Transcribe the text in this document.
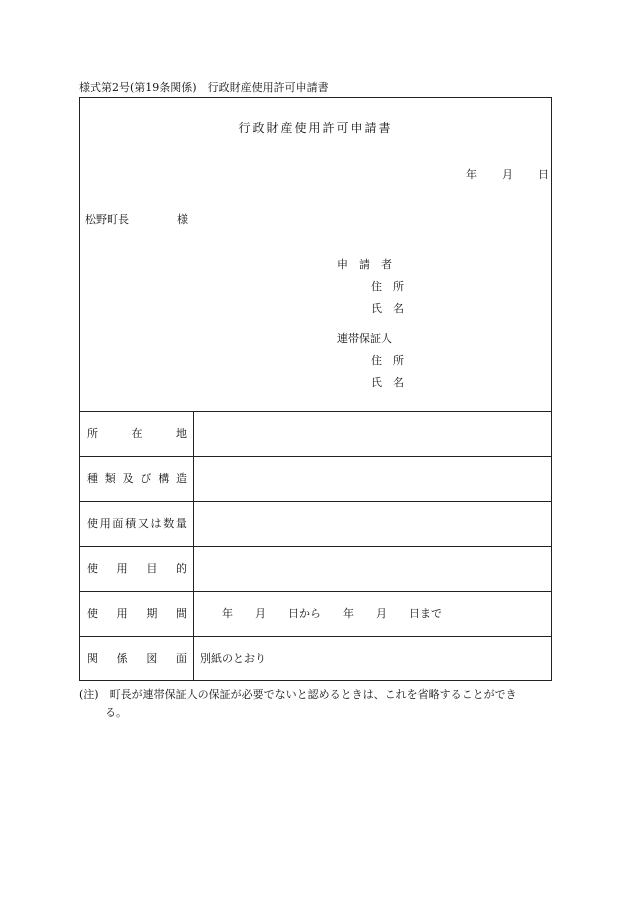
様式第2号(第19条関係)　行政財産使用許可申請書
行政財産使用許可申請書
年 月 日
松野町長	様
申　請　者
住　所
氏　名
連帯保証人
住　所
氏　名
所	在	地
種 類 及 び 構 造
使 用 面 積 又 は 数 量
使 用 目 的
使 用 期 間	年　　月　　日から　　年　　月　　日まで
関 係 図 面 別紙のとおり
(注)　 町長が連帯保証人の保証が必要でないと認めるときは、これを省略することができ
る。
